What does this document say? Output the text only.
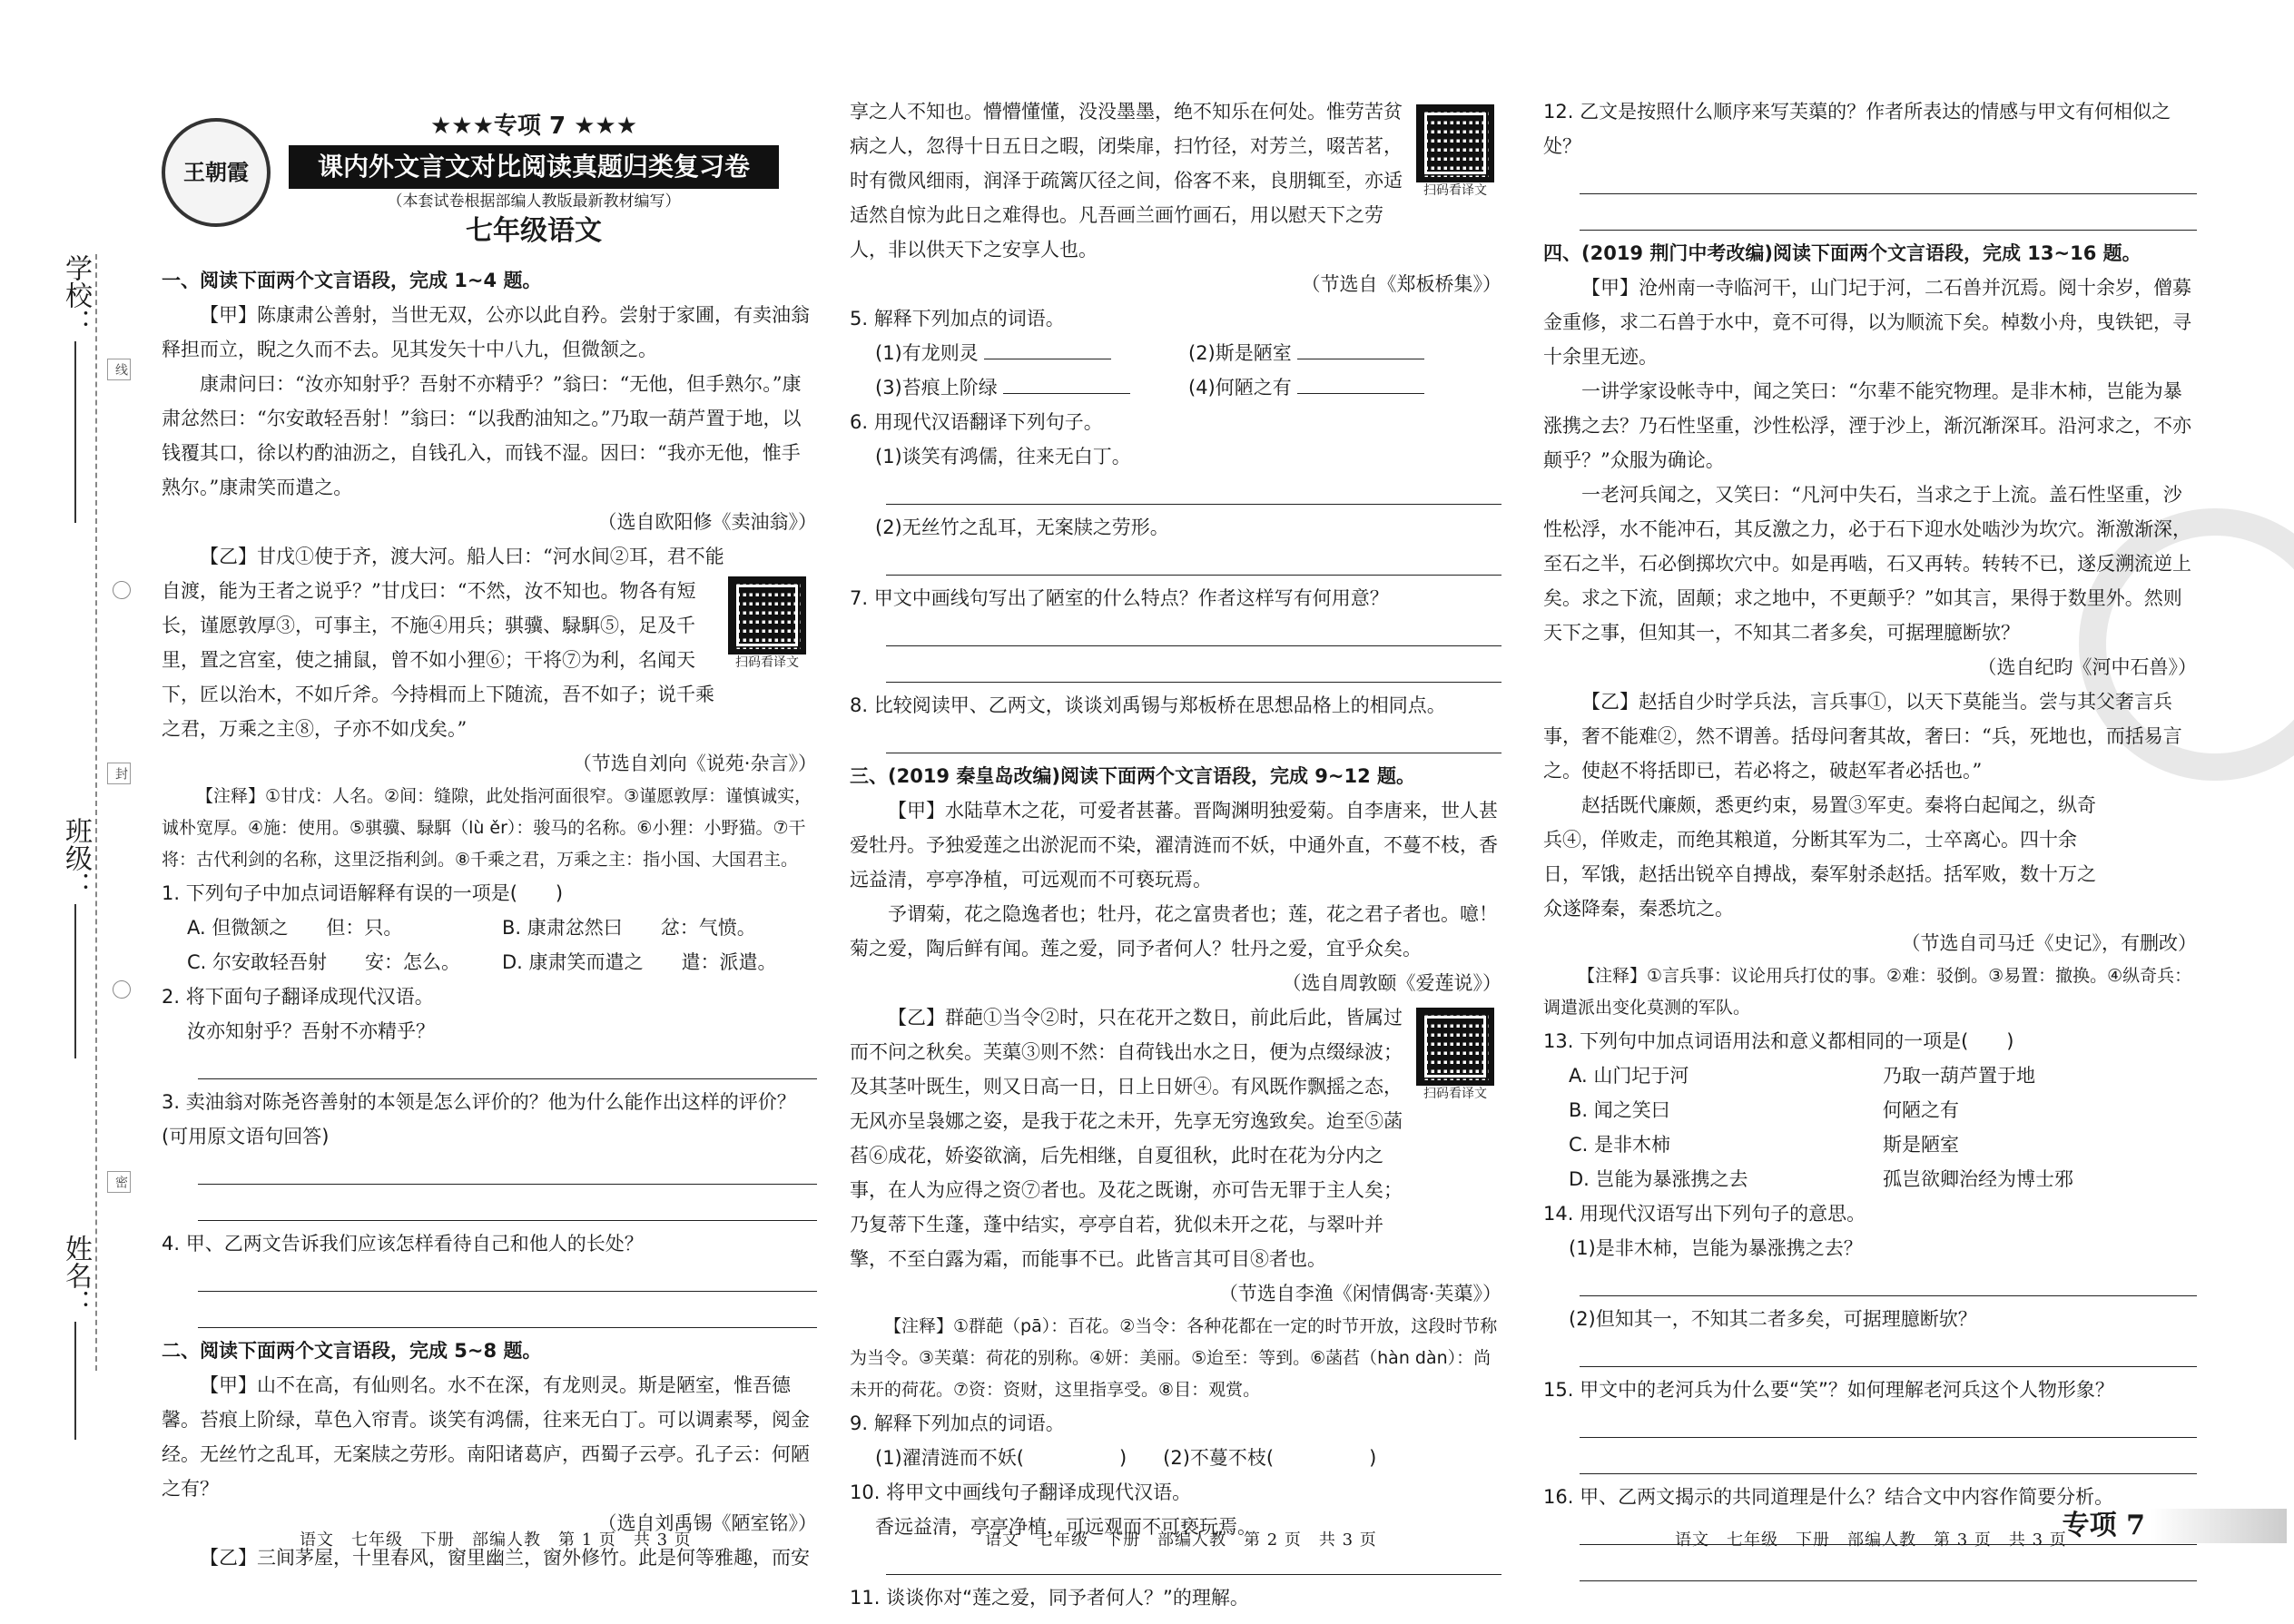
学校：
班级：
姓名：
线
封
密
王朝霞
★★★专项 7 ★★★
课内外文言文对比阅读真题归类复习卷
（本套试卷根据部编人教版最新教材编写）
七年级语文

一、阅读下面两个文言语段，完成 1~4 题。

【甲】陈康肃公善射，当世无双，公亦以此自矜。尝射于家圃，有卖油翁释担而立，睨之久而不去。见其发矢十中八九，但微颔之。

康肃问曰：“汝亦知射乎？吾射不亦精乎？”翁曰：“无他，但手熟尔。”康肃忿然曰：“尔安敢轻吾射！”翁曰：“以我酌油知之。”乃取一葫芦置于地，以钱覆其口，徐以杓酌油沥之，自钱孔入，而钱不湿。因曰：“我亦无他，惟手熟尔。”康肃笑而遣之。

（选自欧阳修《卖油翁》）

【乙】甘戊①使于齐，渡大河。船人曰：“河水间②耳，君不能自渡，能为王者之说乎？”甘戊曰：“不然，汝不知也。物各有短长，谨愿敦厚③，可事主，不施④用兵；骐骥、騄駬⑤，足及千里，置之宫室，使之捕鼠，曾不如小狸⑥；干将⑦为利，名闻天下，匠以治木，不如斤斧。今持楫而上下随流，吾不如子；说千乘之君，万乘之主⑧，子亦不如戊矣。”

（节选自刘向《说苑·杂言》）

【注释】①甘戊：人名。②间：缝隙，此处指河面很窄。③谨愿敦厚：谨慎诚实，诚朴宽厚。④施：使用。⑤骐骥、騄駬（lù ěr）：骏马的名称。⑥小狸：小野猫。⑦干将：古代利剑的名称，这里泛指利剑。⑧千乘之君，万乘之主：指小国、大国君主。

1. 下列句子中加点词语解释有误的一项是(　　)

A. 但微颔之　　但：只。	B. 康肃忿然曰　　忿：气愤。
C. 尔安敢轻吾射　　安：怎么。	D. 康肃笑而遣之　　遣：派遣。

2. 将下面句子翻译成现代汉语。

汝亦知射乎？吾射不亦精乎？

3. 卖油翁对陈尧咨善射的本领是怎么评价的？他为什么能作出这样的评价？(可用原文语句回答)

4. 甲、乙两文告诉我们应该怎样看待自己和他人的长处？

二、阅读下面两个文言语段，完成 5~8 题。

【甲】山不在高，有仙则名。水不在深，有龙则灵。斯是陋室，惟吾德馨。苔痕上阶绿，草色入帘青。谈笑有鸿儒，往来无白丁。可以调素琴，阅金经。无丝竹之乱耳，无案牍之劳形。南阳诸葛庐，西蜀子云亭。孔子云：何陋之有？

（选自刘禹锡《陋室铭》）

【乙】三间茅屋，十里春风，窗里幽兰，窗外修竹。此是何等雅趣，而安

扫码看译文

享之人不知也。懵懵懂懂，没没墨墨，绝不知乐在何处。惟劳苦贫病之人，忽得十日五日之暇，闭柴扉，扫竹径，对芳兰，啜苦茗，时有微风细雨，润泽于疏篱仄径之间，俗客不来，良朋辄至，亦适适然自惊为此日之难得也。凡吾画兰画竹画石，用以慰天下之劳人，非以供天下之安享人也。

（节选自《郑板桥集》）

5. 解释下列加点的词语。

(1)有龙则灵	(2)斯是陋室
(3)苔痕上阶绿	(4)何陋之有

6. 用现代汉语翻译下列句子。

(1)谈笑有鸿儒，往来无白丁。

(2)无丝竹之乱耳，无案牍之劳形。

7. 甲文中画线句写出了陋室的什么特点？作者这样写有何用意？

8. 比较阅读甲、乙两文，谈谈刘禹锡与郑板桥在思想品格上的相同点。

三、(2019 秦皇岛改编)阅读下面两个文言语段，完成 9~12 题。

【甲】水陆草木之花，可爱者甚蕃。晋陶渊明独爱菊。自李唐来，世人甚爱牡丹。予独爱莲之出淤泥而不染，濯清涟而不妖，中通外直，不蔓不枝，香远益清，亭亭净植，可远观而不可亵玩焉。

予谓菊，花之隐逸者也；牡丹，花之富贵者也；莲，花之君子者也。噫！菊之爱，陶后鲜有闻。莲之爱，同予者何人？牡丹之爱，宜乎众矣。

（选自周敦颐《爱莲说》）

【乙】群葩①当令②时，只在花开之数日，前此后此，皆属过而不问之秋矣。芙蕖③则不然：自荷钱出水之日，便为点缀绿波；及其茎叶既生，则又日高一日，日上日妍④。有风既作飘摇之态，无风亦呈袅娜之姿，是我于花之未开，先享无穷逸致矣。迨至⑤菡萏⑥成花，娇姿欲滴，后先相继，自夏徂秋，此时在花为分内之事，在人为应得之资⑦者也。及花之既谢，亦可告无罪于主人矣；乃复蒂下生蓬，蓬中结实，亭亭自若，犹似未开之花，与翠叶并擎，不至白露为霜，而能事不已。此皆言其可目⑧者也。

（节选自李渔《闲情偶寄·芙蕖》）

【注释】①群葩（pā）：百花。②当令：各种花都在一定的时节开放，这段时节称为当令。③芙蕖：荷花的别称。④妍：美丽。⑤迨至：等到。⑥菡萏（hàn dàn）：尚未开的荷花。⑦资：资财，这里指享受。⑧目：观赏。

9. 解释下列加点的词语。

(1)濯清涟而不妖(　　　　　) (2)不蔓不枝(　　　　　)

10. 将甲文中画线句子翻译成现代汉语。

香远益清，亭亭净植，可远观而不可亵玩焉。

11. 谈谈你对“莲之爱，同予者何人？”的理解。

扫码看译文
扫码看译文

12. 乙文是按照什么顺序来写芙蕖的？作者所表达的情感与甲文有何相似之处？

四、(2019 荆门中考改编)阅读下面两个文言语段，完成 13~16 题。

【甲】沧州南一寺临河干，山门圮于河，二石兽并沉焉。阅十余岁，僧募金重修，求二石兽于水中，竟不可得，以为顺流下矣。棹数小舟，曳铁钯，寻十余里无迹。

一讲学家设帐寺中，闻之笑曰：“尔辈不能究物理。是非木柿，岂能为暴涨携之去？乃石性坚重，沙性松浮，湮于沙上，渐沉渐深耳。沿河求之，不亦颠乎？”众服为确论。

一老河兵闻之，又笑曰：“凡河中失石，当求之于上流。盖石性坚重，沙性松浮，水不能冲石，其反激之力，必于石下迎水处啮沙为坎穴。渐激渐深，至石之半，石必倒掷坎穴中。如是再啮，石又再转。转转不已，遂反溯流逆上矣。求之下流，固颠；求之地中，不更颠乎？”如其言，果得于数里外。然则天下之事，但知其一，不知其二者多矣，可据理臆断欤？

（选自纪昀《河中石兽》）

【乙】赵括自少时学兵法，言兵事①，以天下莫能当。尝与其父奢言兵事，奢不能难②，然不谓善。括母问奢其故，奢曰：“兵，死地也，而括易言之。使赵不将括即已，若必将之，破赵军者必括也。”

赵括既代廉颇，悉更约束，易置③军吏。秦将白起闻之，纵奇兵④，佯败走，而绝其粮道，分断其军为二，士卒离心。四十余日，军饿，赵括出锐卒自搏战，秦军射杀赵括。括军败，数十万之众遂降秦，秦悉坑之。

（节选自司马迁《史记》，有删改）

【注释】①言兵事：议论用兵打仗的事。②难：驳倒。③易置：撤换。④纵奇兵：调遣派出变化莫测的军队。

13. 下列句中加点词语用法和意义都相同的一项是(　　)

A. 山门圮于河	乃取一葫芦置于地
B. 闻之笑曰	何陋之有
C. 是非木柿	斯是陋室
D. 岂能为暴涨携之去	孤岂欲卿治经为博士邪

14. 用现代汉语写出下列句子的意思。

(1)是非木柿，岂能为暴涨携之去？

(2)但知其一，不知其二者多矣，可据理臆断欤？

15. 甲文中的老河兵为什么要“笑”？如何理解老河兵这个人物形象？

16. 甲、乙两文揭示的共同道理是什么？结合文中内容作简要分析。

语文　七年级　下册　部编人教　第 1 页　共 3 页	语文　七年级　下册　部编人教　第 2 页　共 3 页	语文　七年级　下册　部编人教　第 3 页　共 3 页
专项 7
